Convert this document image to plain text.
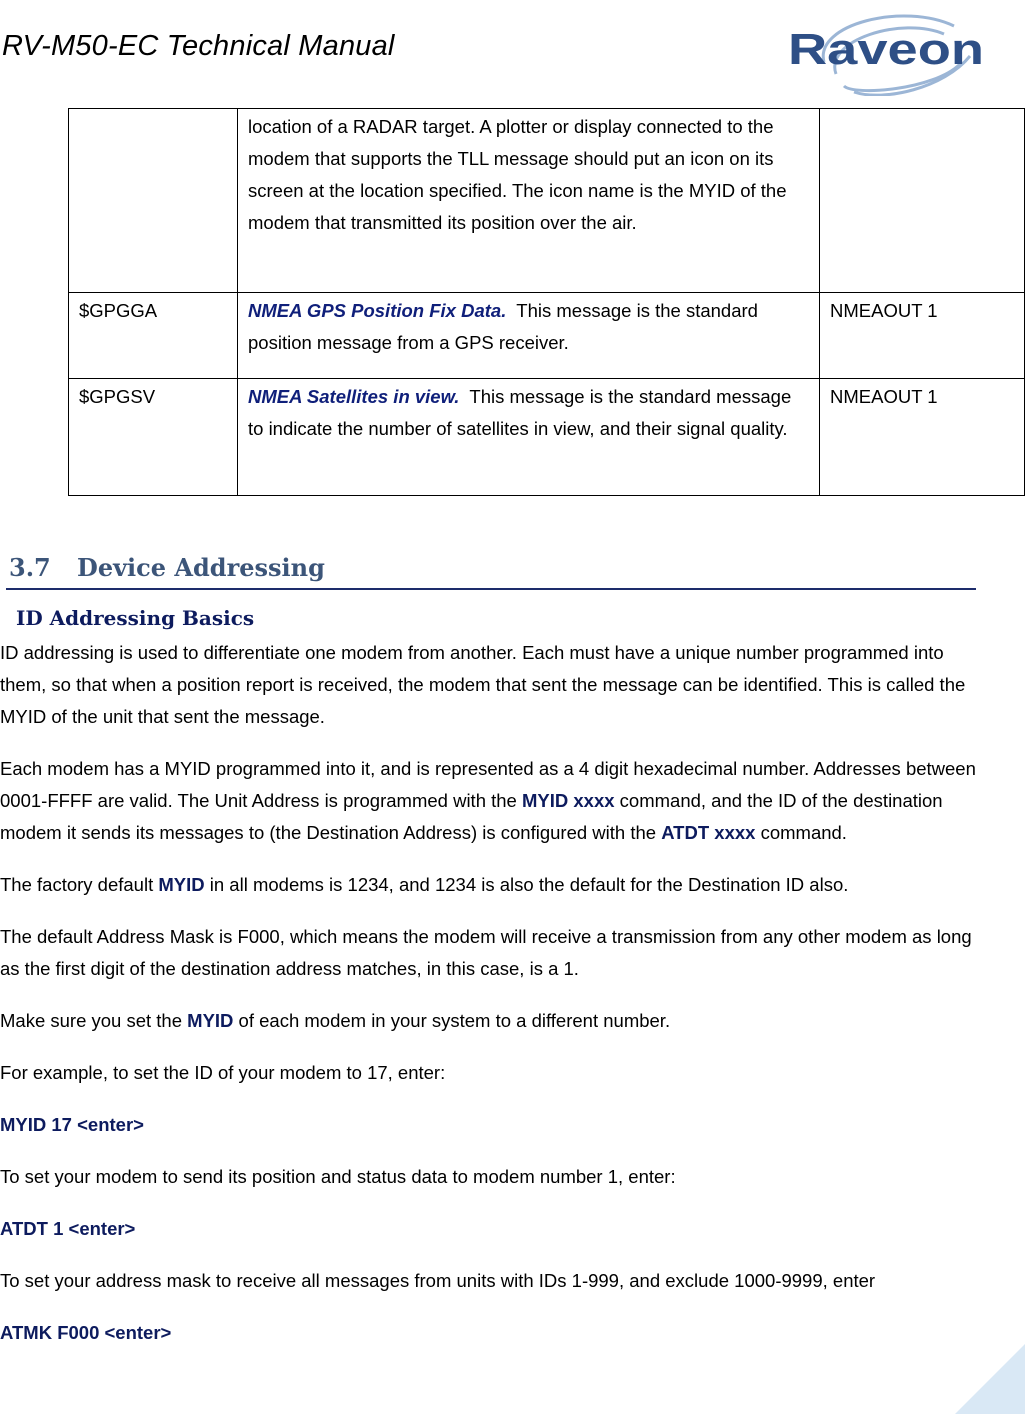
RV-M50-EC Technical Manual	Raveon
	location of a RADAR target. A plotter or display connected to the modem that supports the TLL message should put an icon on its screen at the location specified. The icon name is the MYID of the modem that transmitted its position over the air.	
$GPGGA	NMEA GPS Position Fix Data.  This message is the standard position message from a GPS receiver.	NMEAOUT 1
$GPGSV	NMEA Satellites in view.  This message is the standard message to indicate the number of satellites in view, and their signal quality.	NMEAOUT 1
3.7 Device Addressing
ID Addressing Basics

ID addressing is used to differentiate one modem from another. Each must have a unique number programmed into them, so that when a position report is received, the modem that sent the message can be identified. This is called the MYID of the unit that sent the message.

Each modem has a MYID programmed into it, and is represented as a 4 digit hexadecimal number. Addresses between 0001-FFFF are valid. The Unit Address is programmed with the MYID xxxx command, and the ID of the destination modem it sends its messages to (the Destination Address) is configured with the ATDT xxxx command.

The factory default MYID in all modems is 1234, and 1234 is also the default for the Destination ID also.

The default Address Mask is F000, which means the modem will receive a transmission from any other modem as long as the first digit of the destination address matches, in this case, is a 1.

Make sure you set the MYID of each modem in your system to a different number.

For example, to set the ID of your modem to 17, enter:

MYID 17 <enter>

To set your modem to send its position and status data to modem number 1, enter:

ATDT 1 <enter>

To set your address mask to receive all messages from units with IDs 1-999, and exclude 1000-9999, enter

ATMK F000 <enter>
